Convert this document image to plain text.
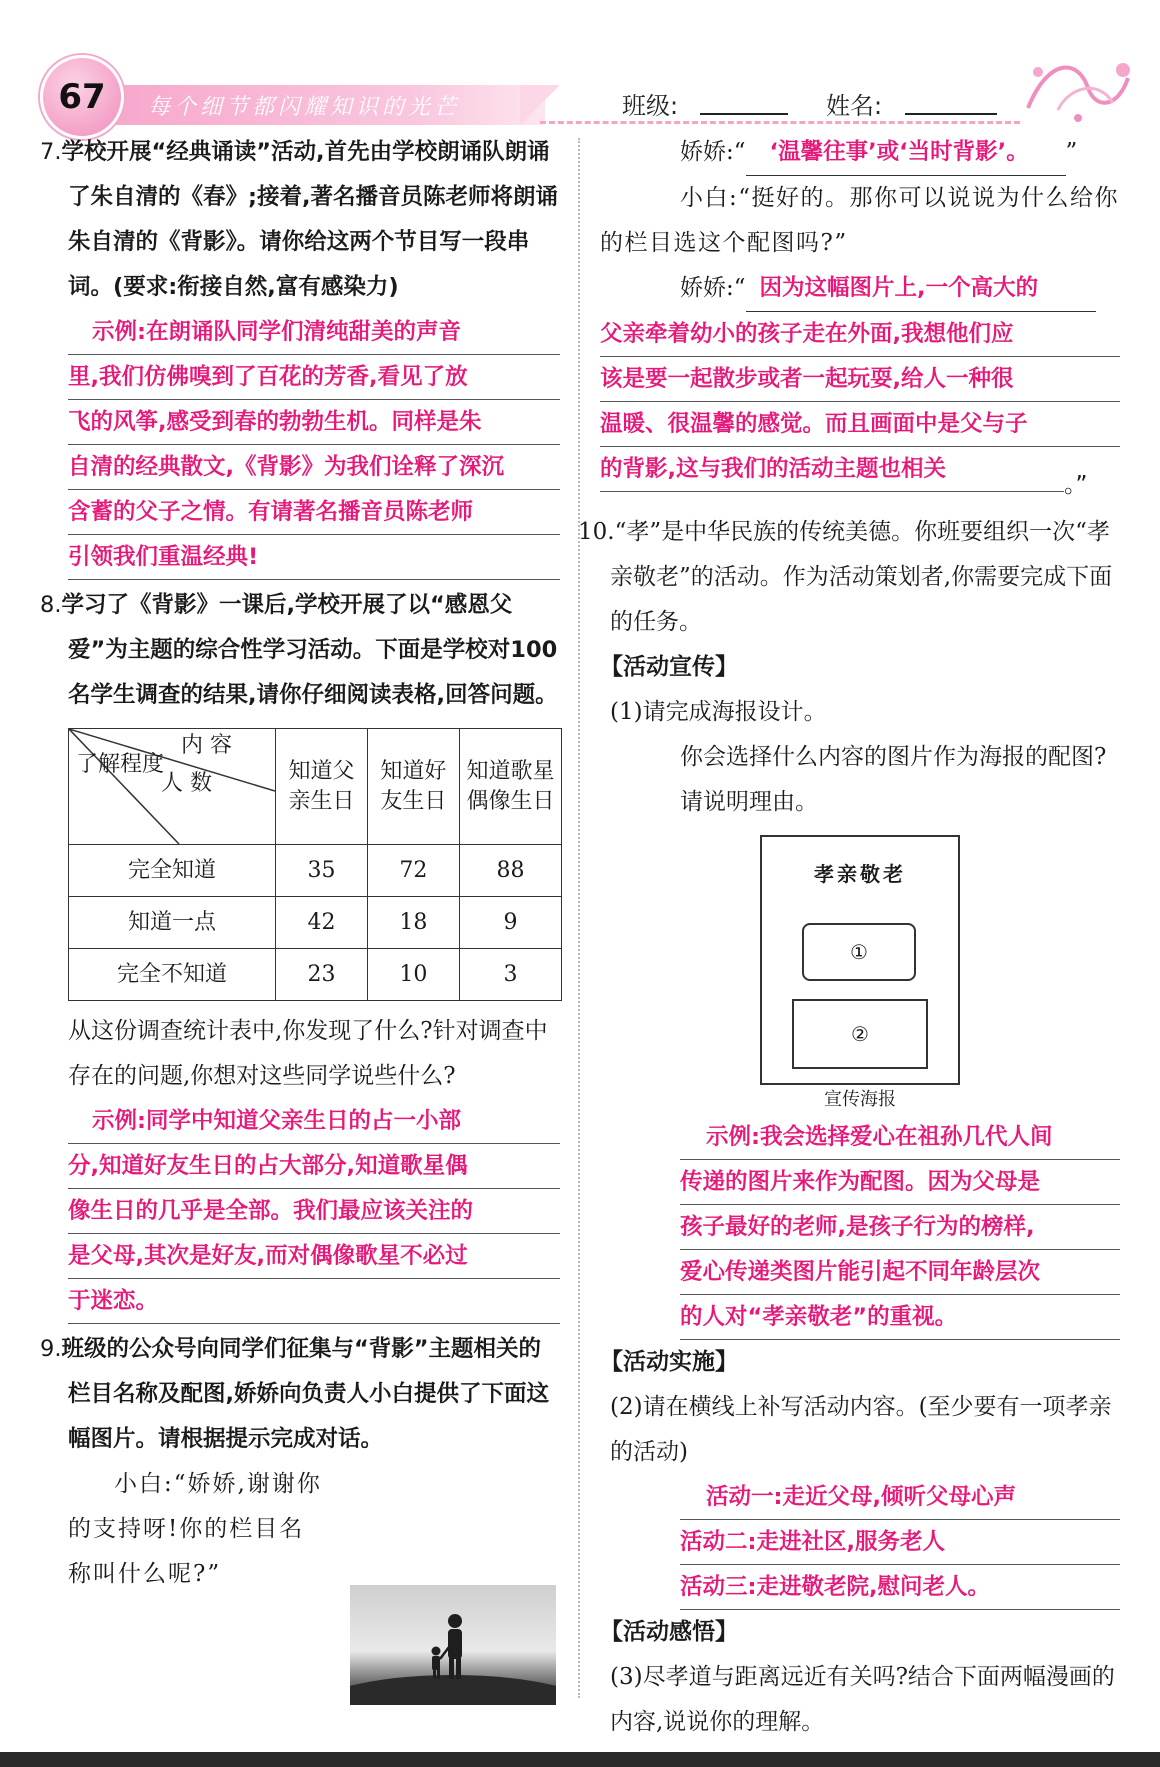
67	每个细节都闪耀知识的光芒	班级:	姓名:

7.学校开展“经典诵读”活动,首先由学校朗诵队朗诵了朱自清的《春》;接着,著名播音员陈老师将朗诵朱自清的《背影》。请你给这两个节目写一段串词。(要求:衔接自然,富有感染力)

示例:在朗诵队同学们清纯甜美的声音
里,我们仿佛嗅到了百花的芳香,看见了放
飞的风筝,感受到春的勃勃生机。同样是朱
自清的经典散文,《背影》为我们诠释了深沉
含蓄的父子之情。有请著名播音员陈老师
引领我们重温经典!

8.学习了《背影》一课后,学校开展了以“感恩父爱”为主题的综合性学习活动。下面是学校对100名学生调查的结果,请你仔细阅读表格,回答问题。

内 容
人 数
了解程度	知道父亲生日	知道好友生日	知道歌星偶像生日
完全知道	35	72	88
知道一点	42	18	9
完全不知道	23	10	3

从这份调查统计表中,你发现了什么?针对调查中存在的问题,你想对这些同学说些什么?

示例:同学中知道父亲生日的占一小部
分,知道好友生日的占大部分,知道歌星偶
像生日的几乎是全部。我们最应该关注的
是父母,其次是好友,而对偶像歌星不必过
于迷恋。

9.班级的公众号向同学们征集与“背影”主题相关的栏目名称及配图,娇娇向负责人小白提供了下面这幅图片。请根据提示完成对话。

小白:“娇娇,谢谢你的支持呀!你的栏目名称叫什么呢?”

娇娇:“ ‘温馨往事’或‘当时背影’。 ”

小白:“挺好的。那你可以说说为什么给你的栏目选这个配图吗?”

娇娇:“ 因为这幅图片上,一个高大的

父亲牵着幼小的孩子走在外面,我想他们应
该是要一起散步或者一起玩耍,给人一种很
温暖、很温馨的感觉。而且画面中是父与子
的背影,这与我们的活动主题也相关。”

10.“孝”是中华民族的传统美德。你班要组织一次“孝亲敬老”的活动。作为活动策划者,你需要完成下面的任务。

【活动宣传】

(1)请完成海报设计。

你会选择什么内容的图片作为海报的配图?请说明理由。

孝亲敬老
①
②

宣传海报

示例:我会选择爱心在祖孙几代人间
传递的图片来作为配图。因为父母是
孩子最好的老师,是孩子行为的榜样,
爱心传递类图片能引起不同年龄层次
的人对“孝亲敬老”的重视。

【活动实施】

(2)请在横线上补写活动内容。(至少要有一项孝亲的活动)

活动一:走近父母,倾听父母心声
活动二:走进社区,服务老人
活动三:走进敬老院,慰问老人。

【活动感悟】

(3)尽孝道与距离远近有关吗?结合下面两幅漫画的内容,说说你的理解。
